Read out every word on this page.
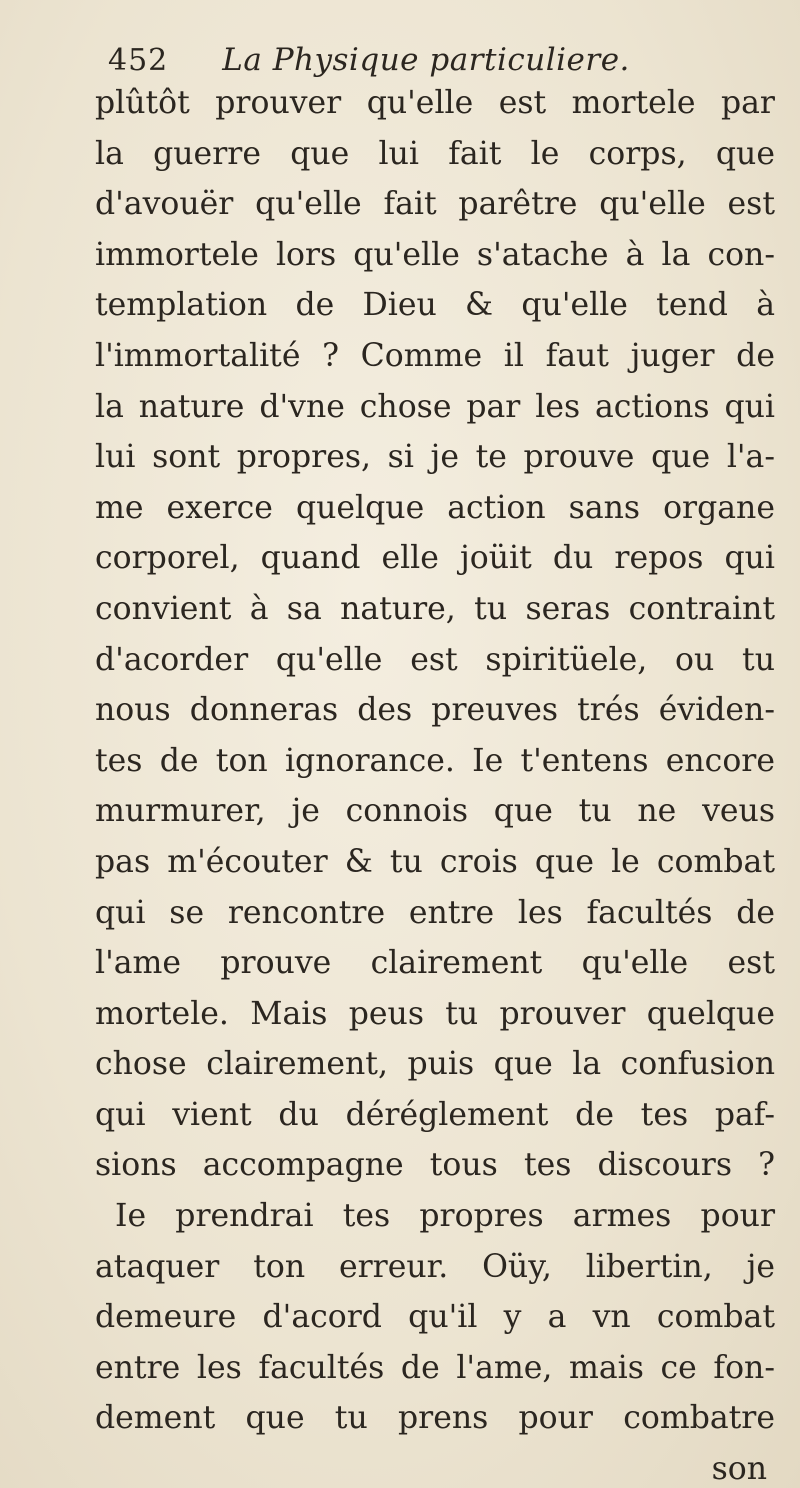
452 La Physique particuliere.
plûtôt prouver qu'elle est mortele par
la guerre que lui fait le corps, que
d'avouër qu'elle fait parêtre qu'elle est
immortele lors qu'elle s'atache à la con-
templation de Dieu & qu'elle tend à
l'immortalité ? Comme il faut juger de
la nature d'vne chose par les actions qui
lui sont propres, si je te prouve que l'a-
me exerce quelque action sans organe
corporel, quand elle joüit du repos qui
convient à sa nature, tu seras contraint
d'acorder qu'elle est spiritüele, ou tu
nous donneras des preuves trés éviden-
tes de ton ignorance. Ie t'entens encore
murmurer, je connois que tu ne veus
pas m'écouter & tu crois que le combat
qui se rencontre entre les facultés de
l'ame prouve clairement qu'elle est
mortele. Mais peus tu prouver quelque
chose clairement, puis que la confusion
qui vient du déréglement de tes paf-
sions accompagne tous tes discours ?
Ie prendrai tes propres armes pour
ataquer ton erreur. Oüy, libertin, je
demeure d'acord qu'il y a vn combat
entre les facultés de l'ame, mais ce fon-
dement que tu prens pour combatre
son
